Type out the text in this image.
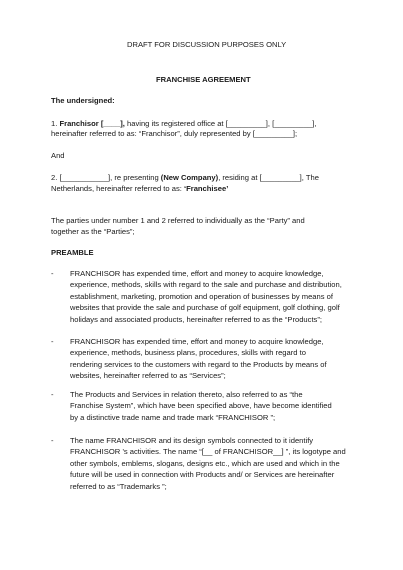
DRAFT FOR DISCUSSION PURPOSES ONLY
FRANCHISE AGREEMENT
The undersigned:
1. Franchisor [____], having its registered office at [_________], [_________],
hereinafter referred to as: “Franchisor”, duly represented by [_________];
And
2. [___________], re presenting (New Company), residing at [_________], The
Netherlands, hereinafter referred to as: ‘Franchisee’
The parties under number 1 and 2 referred to individually as the “Party” and
together as the “Parties”;
PREAMBLE
- FRANCHISOR has expended time, effort and money to acquire knowledge,
experience, methods, skills with regard to the sale and purchase and distribution,
establishment, marketing, promotion and operation of businesses by means of
websites that provide the sale and purchase of golf equipment, golf clothing, golf
holidays and associated products, hereinafter referred to as the “Products”;
- FRANCHISOR has expended time, effort and money to acquire knowledge,
experience, methods, business plans, procedures, skills with regard to
rendering services to the customers with regard to the Products by means of
websites, hereinafter referred to as “Services”;
- The Products and Services in relation thereto, also referred to as “the
Franchise System”, which have been specified above, have become identified
by a distinctive trade name and trade mark “FRANCHISOR ”;
- The name FRANCHISOR and its design symbols connected to it identify
FRANCHISOR ’s activities. The name “[__ of FRANCHISOR__] ”, its logotype and
other symbols, emblems, slogans, designs etc., which are used and which in the
future will be used in connection with Products and/ or Services are hereinafter
referred to as “Trademarks ”;
